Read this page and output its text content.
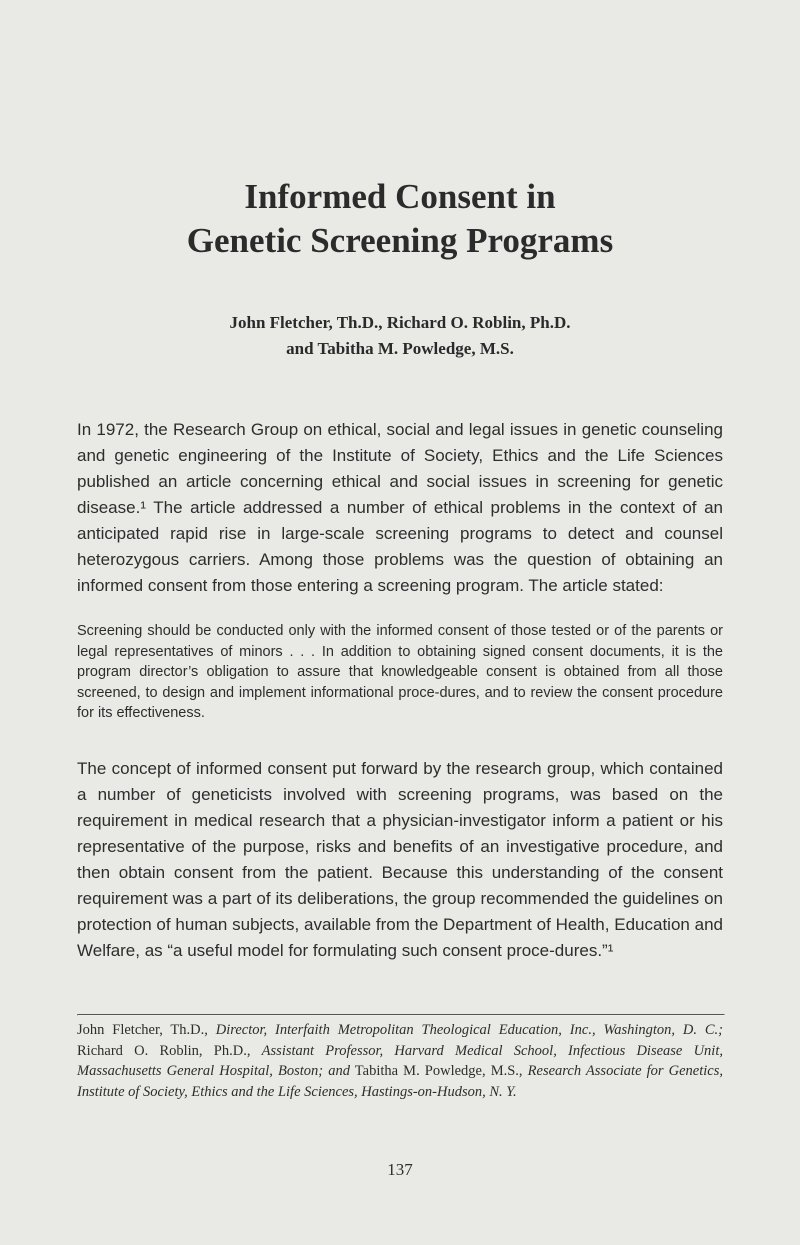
Informed Consent in
Genetic Screening Programs
John Fletcher, Th.D., Richard O. Roblin, Ph.D.
and Tabitha M. Powledge, M.S.

In 1972, the Research Group on ethical, social and legal issues in genetic counseling and genetic engineering of the Institute of Society, Ethics and the Life Sciences published an article concerning ethical and social issues in screening for genetic disease.¹ The article addressed a number of ethical problems in the context of an anticipated rapid rise in large-scale screening programs to detect and counsel heterozygous carriers. Among those problems was the question of obtaining an informed consent from those entering a screening program. The article stated:

Screening should be conducted only with the informed consent of those tested or of the parents or legal representatives of minors . . . In addition to obtaining signed consent documents, it is the program director’s obligation to assure that knowledgeable consent is obtained from all those screened, to design and implement informational proce-dures, and to review the consent procedure for its effectiveness.

The concept of informed consent put forward by the research group, which contained a number of geneticists involved with screening programs, was based on the requirement in medical research that a physician-investigator inform a patient or his representative of the purpose, risks and benefits of an investigative procedure, and then obtain consent from the patient. Because this understanding of the consent requirement was a part of its deliberations, the group recommended the guidelines on protection of human subjects, available from the Department of Health, Education and Welfare, as “a useful model for formulating such consent proce-dures.”¹

John Fletcher, Th.D., Director, Interfaith Metropolitan Theological Education, Inc., Washington, D. C.; Richard O. Roblin, Ph.D., Assistant Professor, Harvard Medical School, Infectious Disease Unit, Massachusetts General Hospital, Boston; and Tabitha M. Powledge, M.S., Research Associate for Genetics, Institute of Society, Ethics and the Life Sciences, Hastings-on-Hudson, N. Y.

137
